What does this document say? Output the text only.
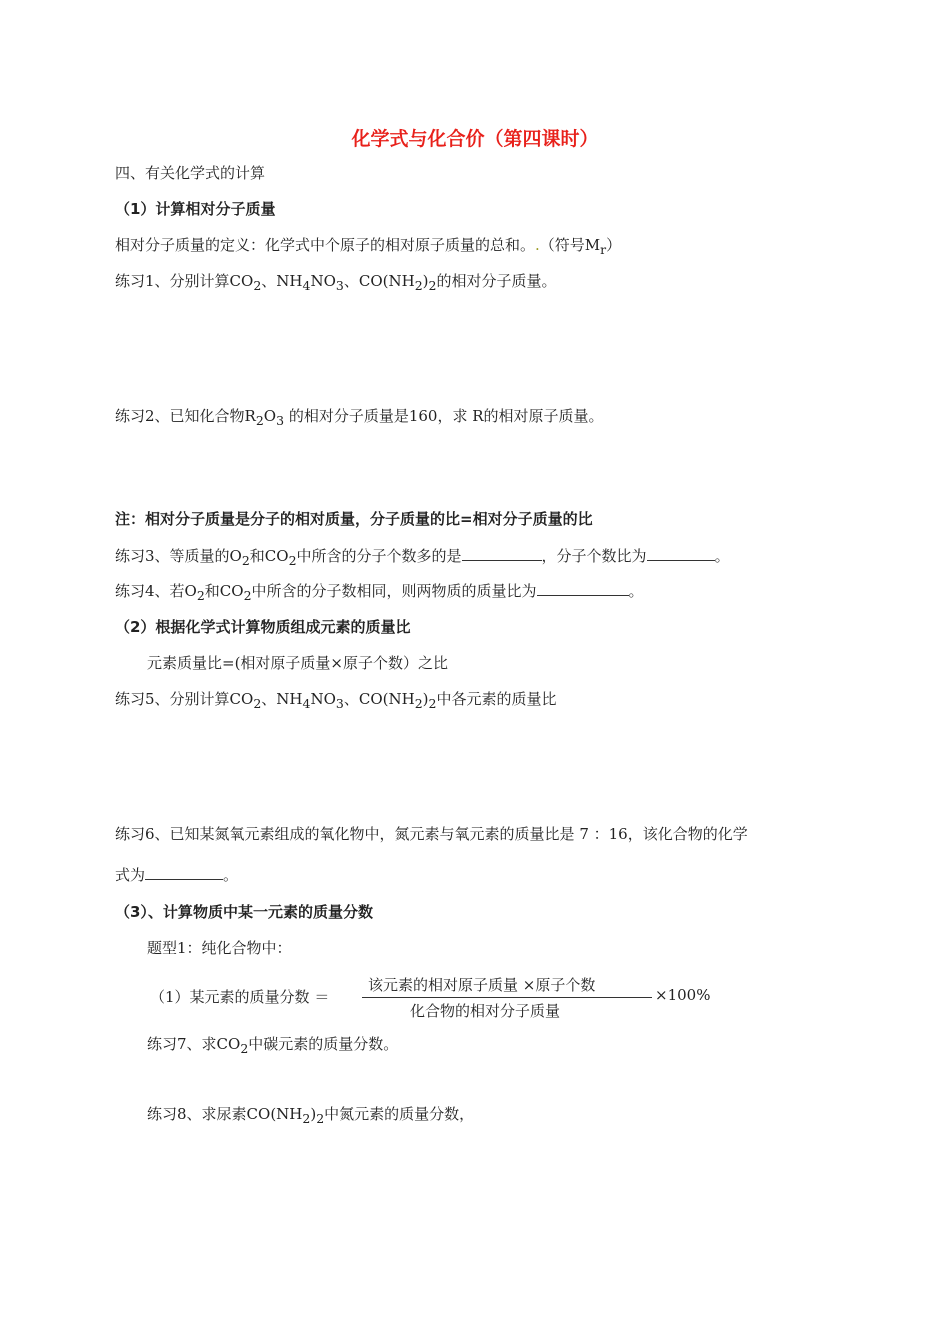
化学式与化合价（第四课时）
四、有关化学式的计算
（1）计算相对分子质量
相对分子质量的定义：化学式中个原子的相对原子质量的总和。.（符号$M_r$）
练习1、分别计算$CO_2$、$NH_4NO_3$、$CO(NH_2)_2$的相对分子质量。
练习2、已知化合物$R_2O_3$ 的相对分子质量是160，求 R的相对原子质量。
注：相对分子质量是分子的相对质量，分子质量的比=相对分子质量的比
练习3、等质量的$O_2$和$CO_2$中所含的分子个数多的是	，分子个数比为	。
练习4、若$O_2$和$CO_2$中所含的分子数相同，则两物质的质量比为	。
（2）根据化学式计算物质组成元素的质量比
元素质量比=(相对原子质量×原子个数）之比
练习5、分别计算$CO_2$、$NH_4NO_3$、$CO(NH_2)_2$中各元素的质量比
练习6、已知某氮氧元素组成的氧化物中，氮元素与氧元素的质量比是 7 ：16，该化合物的化学
式为	。
（3）、计算物质中某一元素的质量分数
题型1：纯化合物中：
（1）某元素的质量分数 ＝
该元素的相对原子质量 ×原子个数
化合物的相对分子质量
×100%
练习7、求$CO_2$中碳元素的质量分数。
练习8、求尿素$CO(NH_2)_2$中氮元素的质量分数，
